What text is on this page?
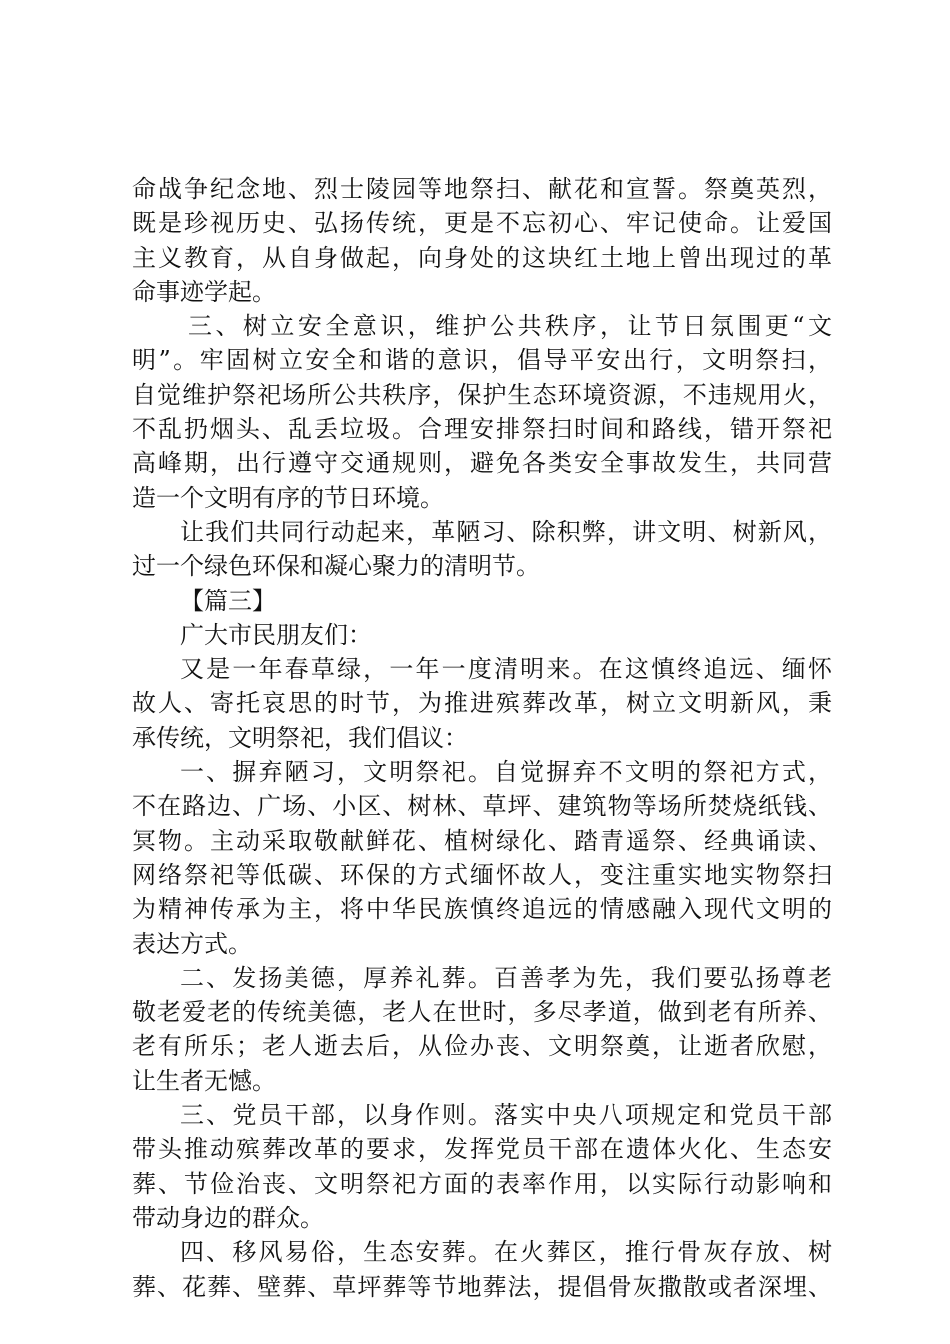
命战争纪念地、烈士陵园等地祭扫、献花和宣誓。祭奠英烈，
既是珍视历史、弘扬传统，更是不忘初心、牢记使命。让爱国
主义教育，从自身做起，向身处的这块红土地上曾出现过的革
命事迹学起。
三、树立安全意识，维护公共秩序，让节日氛围更“文
明”。牢固树立安全和谐的意识，倡导平安出行，文明祭扫，
自觉维护祭祀场所公共秩序，保护生态环境资源，不违规用火，
不乱扔烟头、乱丢垃圾。合理安排祭扫时间和路线，错开祭祀
高峰期，出行遵守交通规则，避免各类安全事故发生，共同营
造一个文明有序的节日环境。
让我们共同行动起来，革陋习、除积弊，讲文明、树新风，
过一个绿色环保和凝心聚力的清明节。
【篇三】
广大市民朋友们：
又是一年春草绿，一年一度清明来。在这慎终追远、缅怀
故人、寄托哀思的时节，为推进殡葬改革，树立文明新风，秉
承传统，文明祭祀，我们倡议：
一、摒弃陋习，文明祭祀。自觉摒弃不文明的祭祀方式，
不在路边、广场、小区、树林、草坪、建筑物等场所焚烧纸钱、
冥物。主动采取敬献鲜花、植树绿化、踏青遥祭、经典诵读、
网络祭祀等低碳、环保的方式缅怀故人，变注重实地实物祭扫
为精神传承为主，将中华民族慎终追远的情感融入现代文明的
表达方式。
二、发扬美德，厚养礼葬。百善孝为先，我们要弘扬尊老
敬老爱老的传统美德，老人在世时，多尽孝道，做到老有所养、
老有所乐；老人逝去后，从俭办丧、文明祭奠，让逝者欣慰，
让生者无憾。
三、党员干部，以身作则。落实中央八项规定和党员干部
带头推动殡葬改革的要求，发挥党员干部在遗体火化、生态安
葬、节俭治丧、文明祭祀方面的表率作用，以实际行动影响和
带动身边的群众。
四、移风易俗，生态安葬。在火葬区，推行骨灰存放、树
葬、花葬、壁葬、草坪葬等节地葬法，提倡骨灰撒散或者深埋、
